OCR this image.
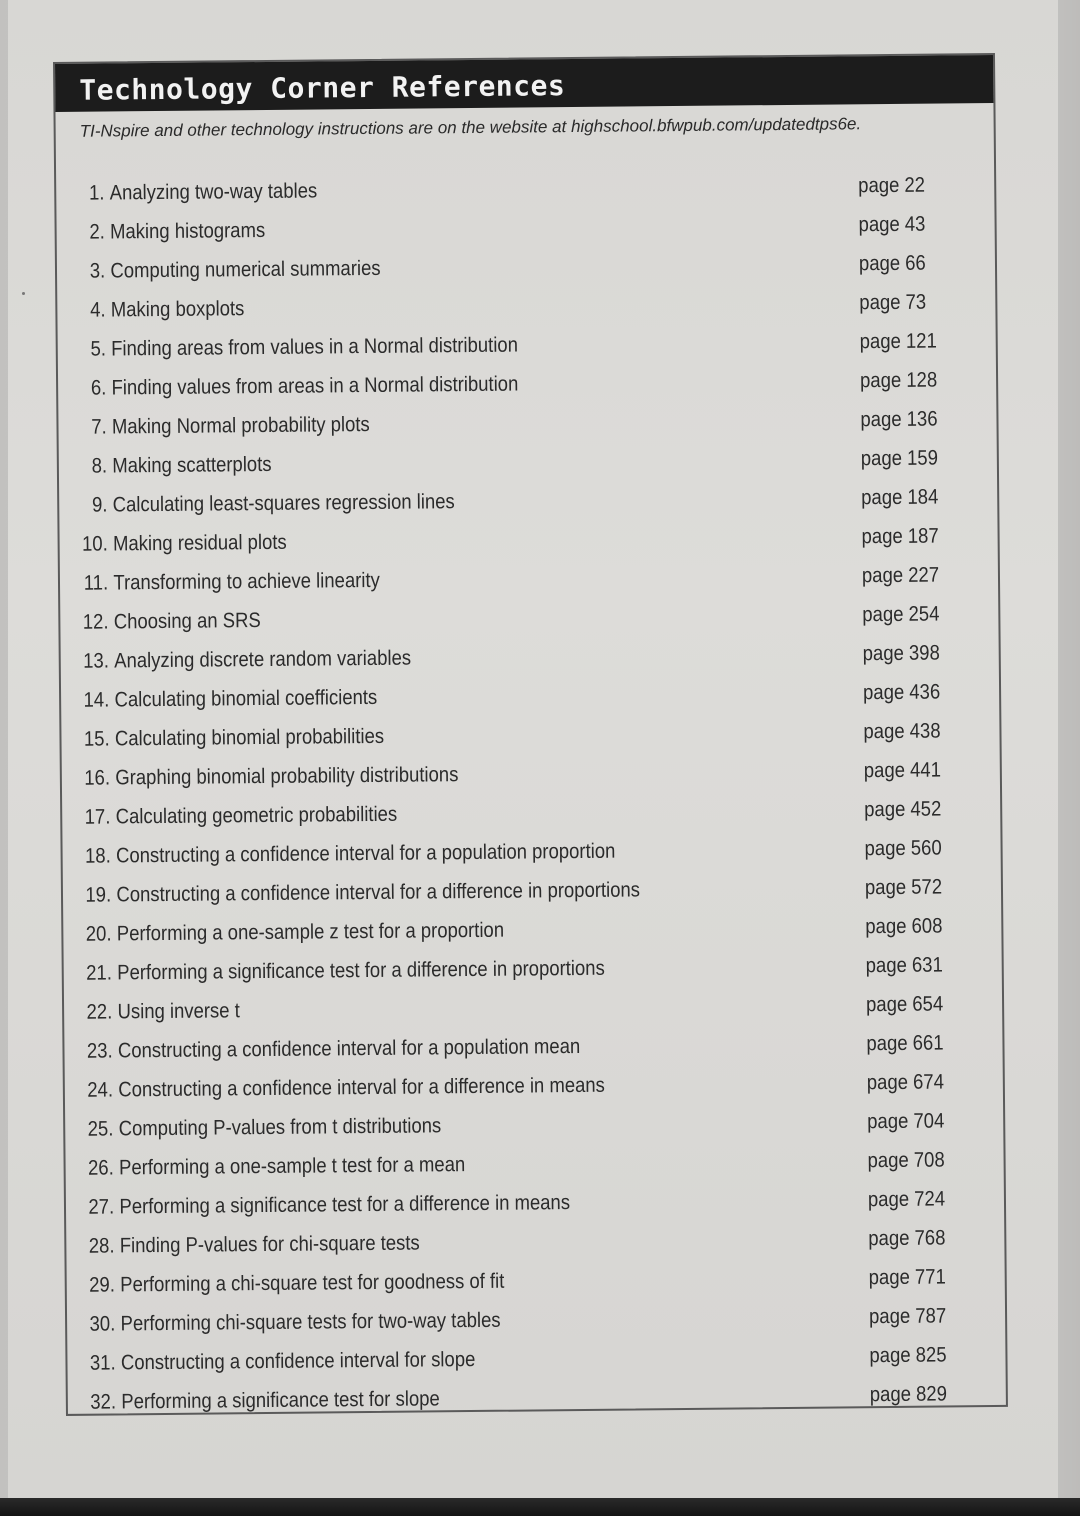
Technology Corner References
TI-Nspire and other technology instructions are on the website at highschool.bfwpub.com/updatedtps6e.
1. Analyzing two-way tables	page 22
2. Making histograms	page 43
3. Computing numerical summaries	page 66
4. Making boxplots	page 73
5. Finding areas from values in a Normal distribution	page 121
6. Finding values from areas in a Normal distribution	page 128
7. Making Normal probability plots	page 136
8. Making scatterplots	page 159
9. Calculating least-squares regression lines	page 184
10. Making residual plots	page 187
11. Transforming to achieve linearity	page 227
12. Choosing an SRS	page 254
13. Analyzing discrete random variables	page 398
14. Calculating binomial coefficients	page 436
15. Calculating binomial probabilities	page 438
16. Graphing binomial probability distributions	page 441
17. Calculating geometric probabilities	page 452
18. Constructing a confidence interval for a population proportion	page 560
19. Constructing a confidence interval for a difference in proportions	page 572
20. Performing a one-sample z test for a proportion	page 608
21. Performing a significance test for a difference in proportions	page 631
22. Using inverse t	page 654
23. Constructing a confidence interval for a population mean	page 661
24. Constructing a confidence interval for a difference in means	page 674
25. Computing P-values from t distributions	page 704
26. Performing a one-sample t test for a mean	page 708
27. Performing a significance test for a difference in means	page 724
28. Finding P-values for chi-square tests	page 768
29. Performing a chi-square test for goodness of fit	page 771
30. Performing chi-square tests for two-way tables	page 787
31. Constructing a confidence interval for slope	page 825
32. Performing a significance test for slope	page 829
